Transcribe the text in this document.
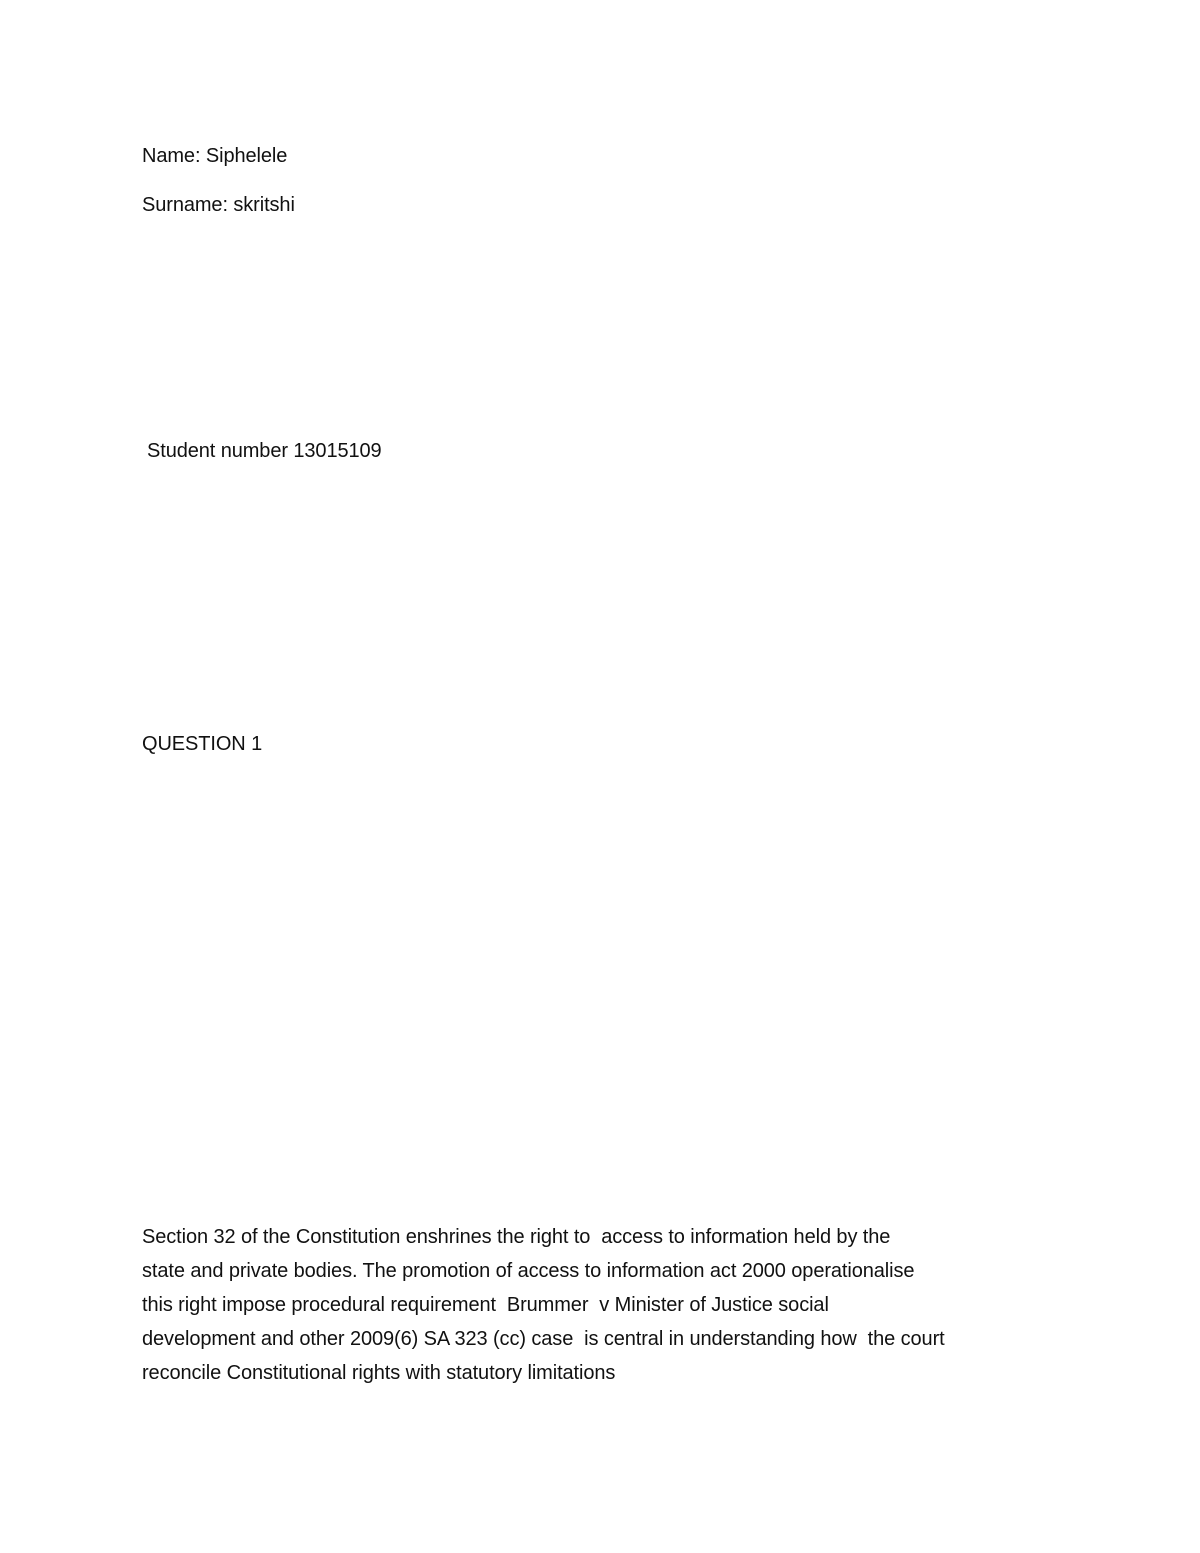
Name: Siphelele
Surname: skritshi
Student number 13015109
QUESTION 1
Section 32 of the Constitution enshrines the right to  access to information held by the
state and private bodies. The promotion of access to information act 2000 operationalise
this right impose procedural requirement  Brummer  v Minister of Justice social
development and other 2009(6) SA 323 (cc) case  is central in understanding how  the court
reconcile Constitutional rights with statutory limitations
